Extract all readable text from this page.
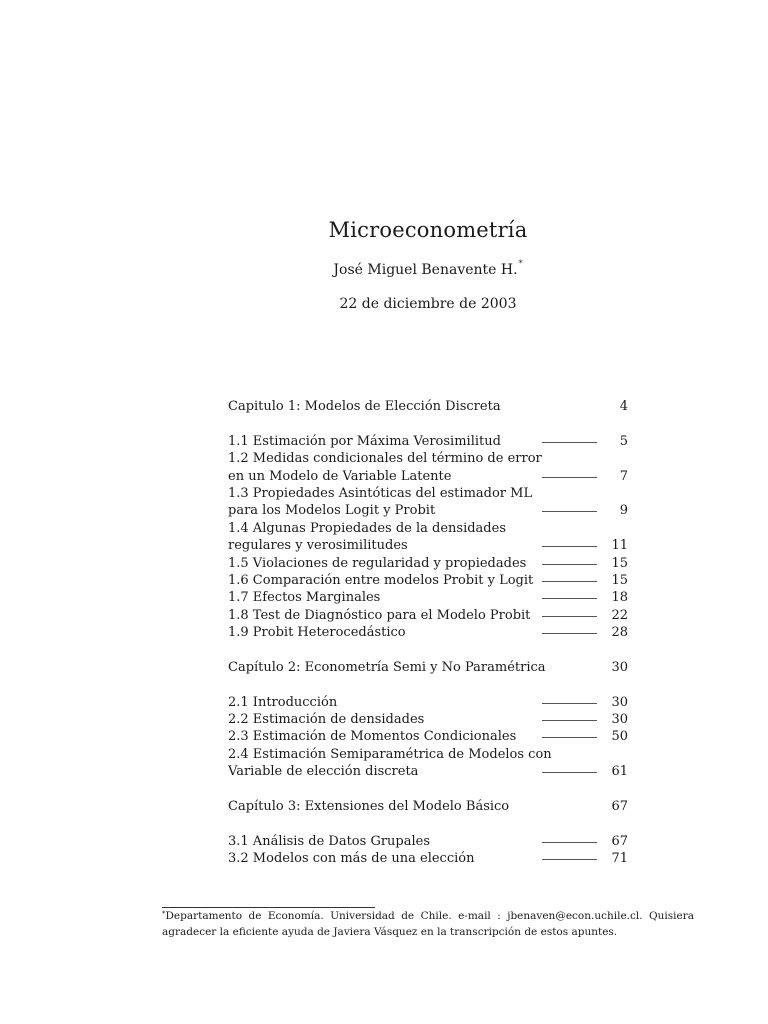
Microeconometría
José Miguel Benavente H.*
22 de diciembre de 2003
Capitulo 1: Modelos de Elección Discreta	4
1.1 Estimación por Máxima Verosimilitud	5
1.2 Medidas condicionales del término de error
en un Modelo de Variable Latente	7
1.3 Propiedades Asintóticas del estimador ML
para los Modelos Logit y Probit	9
1.4 Algunas Propiedades de la densidades
regulares y verosimilitudes	11
1.5 Violaciones de regularidad y propiedades	15
1.6 Comparación entre modelos Probit y Logit	15
1.7 Efectos Marginales	18
1.8 Test de Diagnóstico para el Modelo Probit	22
1.9 Probit Heterocedástico	28
Capítulo 2: Econometría Semi y No Paramétrica	30
2.1 Introducción	30
2.2 Estimación de densidades	30
2.3 Estimación de Momentos Condicionales	50
2.4 Estimación Semiparamétrica de Modelos con
Variable de elección discreta	61
Capítulo 3: Extensiones del Modelo Básico	67
3.1 Análisis de Datos Grupales	67
3.2 Modelos con más de una elección	71
*Departamento de Economía. Universidad de Chile. e-mail : jbenaven@econ.uchile.cl. Quisiera agradecer la eficiente ayuda de Javiera Vásquez en la transcripción de estos apuntes.
